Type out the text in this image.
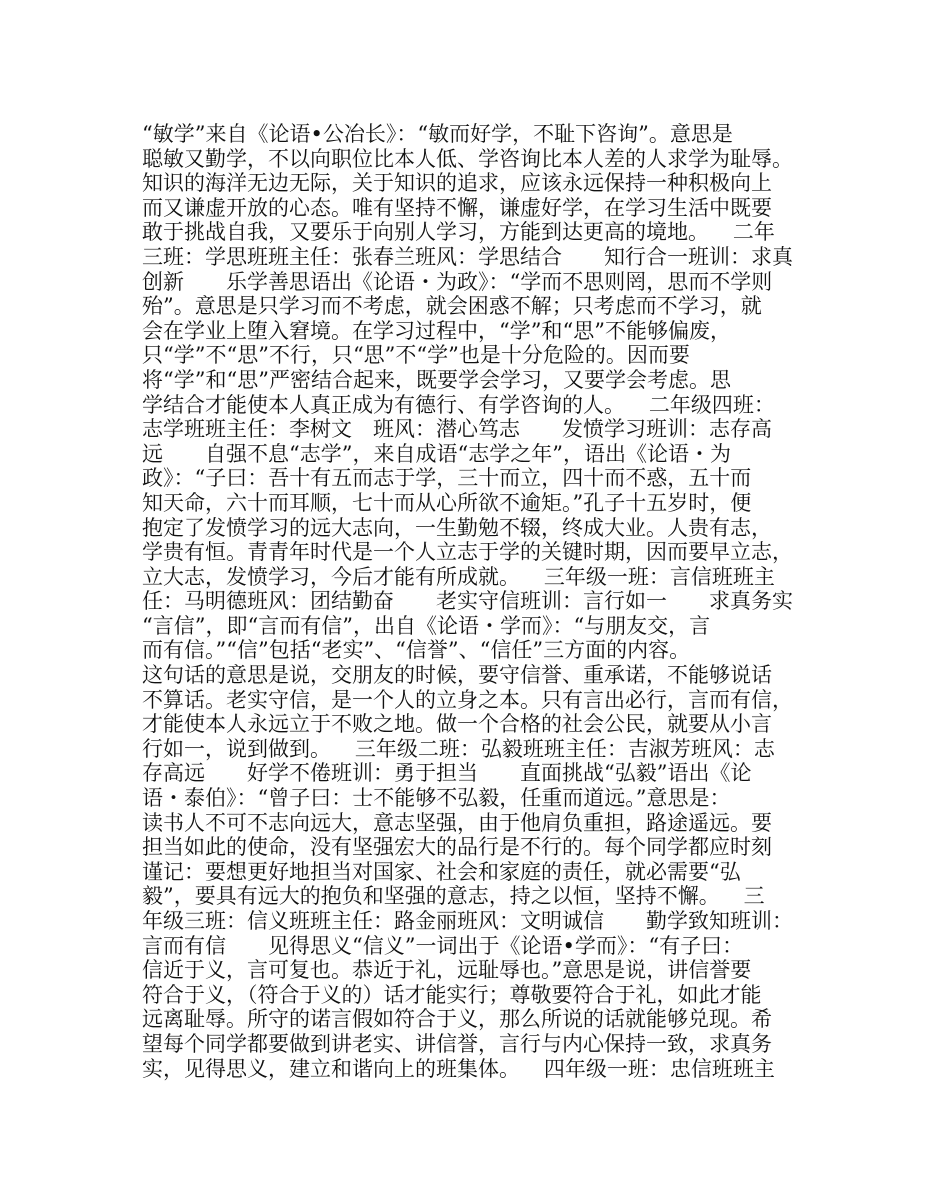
“敏学”来自《论语•公冶长》：“敏而好学，不耻下咨询”。意思是
聪敏又勤学，不以向职位比本人低、学咨询比本人差的人求学为耻辱。
知识的海洋无边无际，关于知识的追求，应该永远保持一种积极向上
而又谦虚开放的心态。唯有坚持不懈，谦虚好学，在学习生活中既要
敢于挑战自我，又要乐于向别人学习，方能到达更高的境地。　  二年
三班：学思班班主任：张春兰班风：学思结合　　知行合一班训：求真
创新　　乐学善思语出《论语・为政》：“学而不思则罔，思而不学则
殆”。意思是只学习而不考虑，就会困惑不解；只考虑而不学习，就
会在学业上堕入窘境。在学习过程中，“学”和“思”不能够偏废，
只“学”不“思”不行，只“思”不“学”也是十分危险的。因而要
将“学”和“思”严密结合起来，既要学会学习，又要学会考虑。思
学结合才能使本人真正成为有德行、有学咨询的人。　  二年级四班：
志学班班主任：李树文　班风：潜心笃志　　发愤学习班训：志存高
远　　自强不息“志学”，来自成语“志学之年”，语出《论语・为
政》：“子曰：吾十有五而志于学，三十而立，四十而不惑，五十而
知天命，六十而耳顺，七十而从心所欲不逾矩。”孔子十五岁时，便
抱定了发愤学习的远大志向，一生勤勉不辍，终成大业。人贵有志，
学贵有恒。青青年时代是一个人立志于学的关键时期，因而要早立志，
立大志，发愤学习，今后才能有所成就。　  三年级一班：言信班班主
任：马明德班风：团结勤奋　　老实守信班训：言行如一　　求真务实
“言信”，即“言而有信”，出自《论语・学而》：“与朋友交，言
而有信。”“信”包括“老实”、“信誉”、“信任”三方面的内容。
这句话的意思是说，交朋友的时候，要守信誉、重承诺，不能够说话
不算话。老实守信，是一个人的立身之本。只有言出必行，言而有信，
才能使本人永远立于不败之地。做一个合格的社会公民，就要从小言
行如一，说到做到。　  三年级二班：弘毅班班主任：吉淑芳班风：志
存高远　　好学不倦班训：勇于担当　　直面挑战“弘毅”语出《论
语・泰伯》：“曾子曰：士不能够不弘毅，任重而道远。”意思是：
读书人不可不志向远大，意志坚强，由于他肩负重担，路途遥远。要
担当如此的使命，没有坚强宏大的品行是不行的。每个同学都应时刻
谨记：要想更好地担当对国家、社会和家庭的责任，就必需要“弘
毅”，要具有远大的抱负和坚强的意志，持之以恒，坚持不懈。　  三
年级三班：信义班班主任：路金丽班风：文明诚信　　勤学致知班训：
言而有信　　见得思义“信义”一词出于《论语•学而》：“有子曰：
信近于义，言可复也。恭近于礼，远耻辱也。”意思是说，讲信誉要
符合于义，（符合于义的）话才能实行；尊敬要符合于礼，如此才能
远离耻辱。所守的诺言假如符合于义，那么所说的话就能够兑现。希
望每个同学都要做到讲老实、讲信誉，言行与内心保持一致，求真务
实，见得思义，建立和谐向上的班集体。　  四年级一班：忠信班班主
